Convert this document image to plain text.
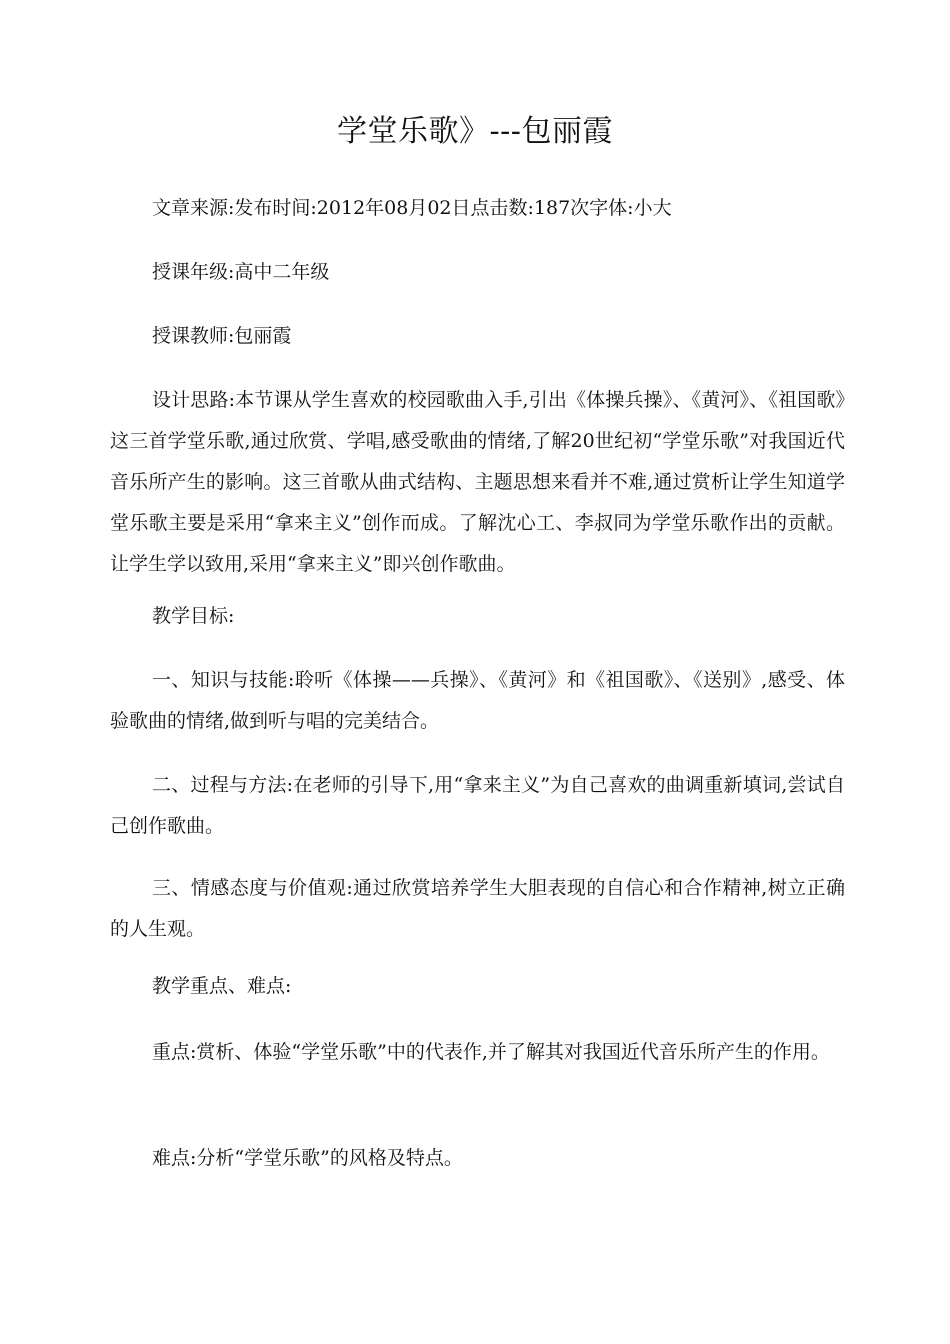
学堂乐歌》---包丽霞

文章来源:发布时间:2012年08月02日点击数:187次字体:小大

授课年级:高中二年级

授课教师:包丽霞

设计思路:本节课从学生喜欢的校园歌曲入手,引出《体操兵操》、《黄河》、《祖国歌》这三首学堂乐歌,通过欣赏、学唱,感受歌曲的情绪,了解20世纪初“学堂乐歌”对我国近代音乐所产生的影响。这三首歌从曲式结构、主题思想来看并不难,通过赏析让学生知道学堂乐歌主要是采用“拿来主义”创作而成。了解沈心工、李叔同为学堂乐歌作出的贡献。让学生学以致用,采用“拿来主义”即兴创作歌曲。

教学目标:

一、知识与技能:聆听《体操——兵操》、《黄河》和《祖国歌》、《送别》,感受、体验歌曲的情绪,做到听与唱的完美结合。

二、过程与方法:在老师的引导下,用“拿来主义”为自己喜欢的曲调重新填词,尝试自己创作歌曲。

三、情感态度与价值观:通过欣赏培养学生大胆表现的自信心和合作精神,树立正确的人生观。

教学重点、难点:

重点:赏析、体验“学堂乐歌”中的代表作,并了解其对我国近代音乐所产生的作用。

难点:分析“学堂乐歌”的风格及特点。
